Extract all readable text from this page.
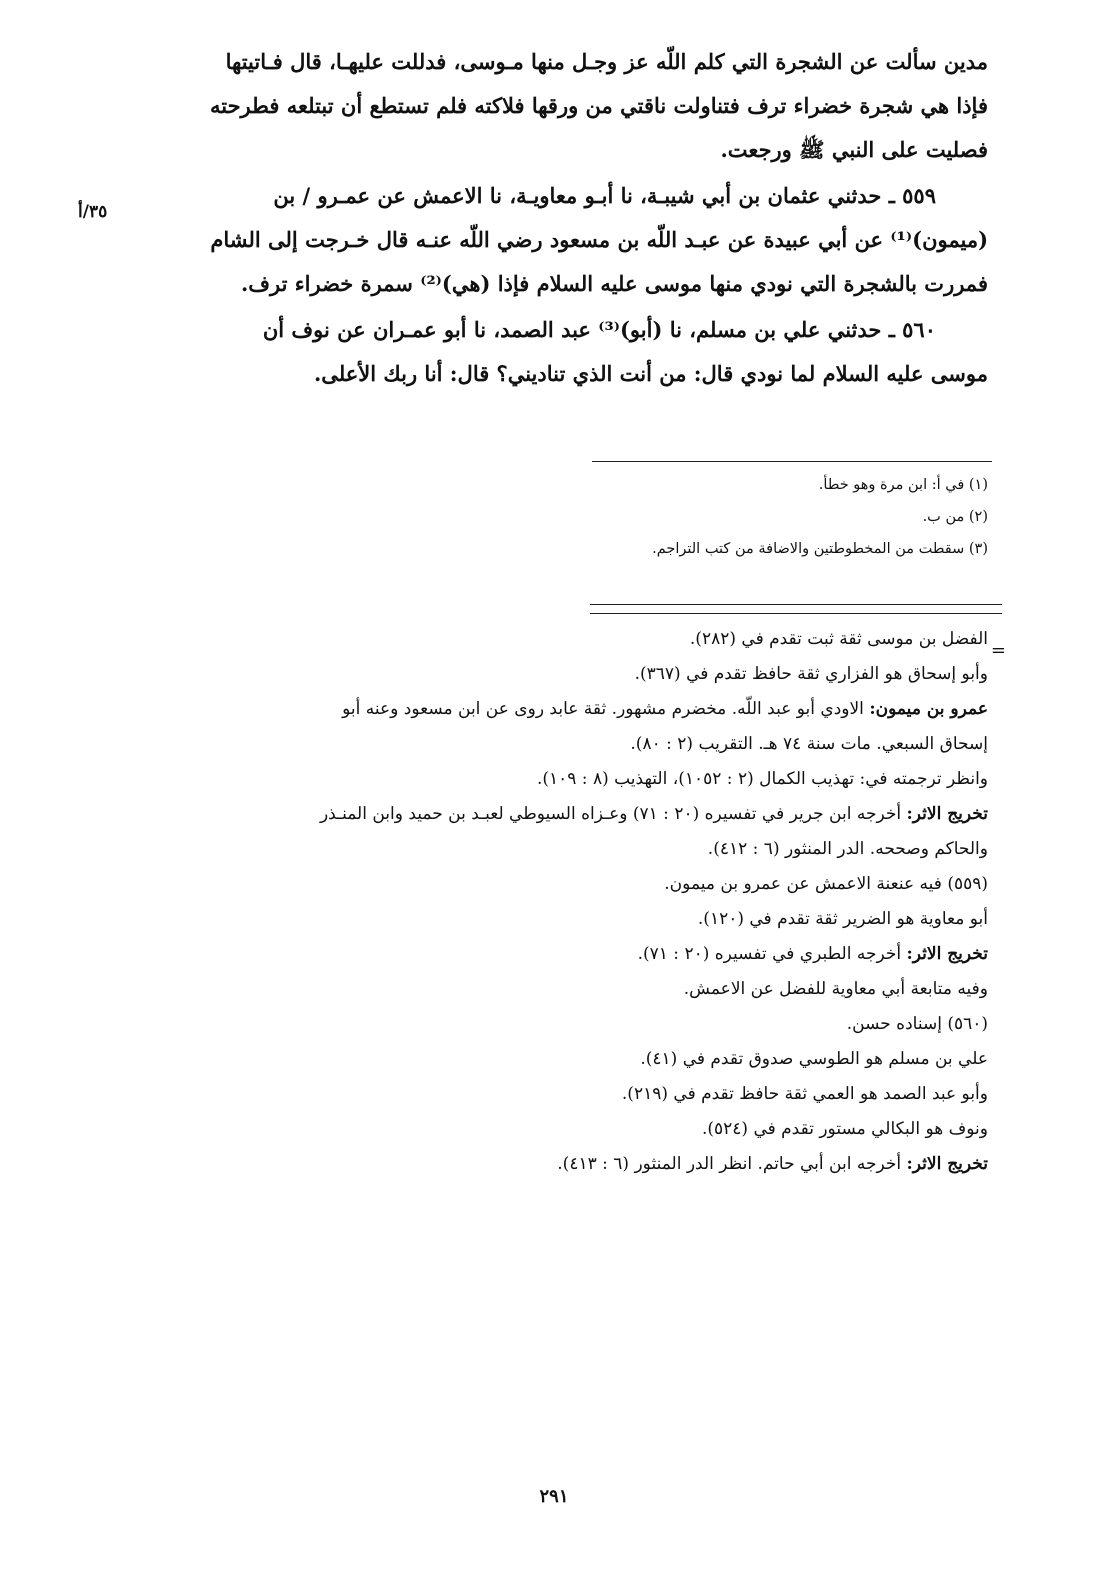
مدين سألت عن الشجرة التي كلم اللّه عز وجـل منها مـوسى، فدللت عليهـا، قال فـاتيتها

فإذا هي شجرة خضراء ترف فتناولت ناقتي من ورقها فلاكته فلم تستطع أن تبتلعه فطرحته

فصليت على النبي ﷺ ورجعت.

٥٥٩ ـ حدثني عثمان بن أبي شيبـة، نا أبـو معاويـة، نا الاعمش عن عمـرو / بن

(ميمون)⁽¹⁾ عن أبي عبيدة عن عبـد اللّه بن مسعود رضي اللّه عنـه قال خـرجت إلى الشام

فمررت بالشجرة التي نودي منها موسى عليه السلام فإذا (هي)⁽²⁾ سمرة خضراء ترف.

٥٦٠ ـ حدثني علي بن مسلم، نا (أبو)⁽³⁾ عبد الصمد، نا أبو عمـران عن نوف أن

موسى عليه السلام لما نودي قال: من أنت الذي تناديني؟ قال: أنا ربك الأعلى.

٣٥/أ

(١) في أ: ابن مرة وهو خطأ.

(٢) من ب.

(٣) سقطت من المخطوطتين والاضافة من كتب التراجم.

=

الفضل بن موسى ثقة ثبت تقدم في (٢٨٢).

وأبو إسحاق هو الفزاري ثقة حافظ تقدم في (٣٦٧).

عمرو بن ميمون: الاودي أبو عبد اللّه. مخضرم مشهور. ثقة عابد روى عن ابن مسعود وعنه أبو

إسحاق السبعي. مات سنة ٧٤ هـ. التقريب (٢ : ٨٠).

وانظر ترجمته في: تهذيب الكمال (٢ : ١٠٥٢)، التهذيب (٨ : ١٠٩).

تخريج الاثر: أخرجه ابن جرير في تفسيره (٢٠ : ٧١) وعـزاه السيوطي لعبـد بن حميد وابن المنـذر

والحاكم وصححه. الدر المنثور (٦ : ٤١٢).

(٥٥٩) فيه عنعنة الاعمش عن عمرو بن ميمون.

أبو معاوية هو الضرير ثقة تقدم في (١٢٠).

تخريج الاثر: أخرجه الطبري في تفسيره (٢٠ : ٧١).

وفيه متابعة أبي معاوية للفضل عن الاعمش.

(٥٦٠) إسناده حسن.

علي بن مسلم هو الطوسي صدوق تقدم في (٤١).

وأبو عبد الصمد هو العمي ثقة حافظ تقدم في (٢١٩).

ونوف هو البكالي مستور تقدم في (٥٢٤).

تخريج الاثر: أخرجه ابن أبي حاتم. انظر الدر المنثور (٦ : ٤١٣).

٢٩١
